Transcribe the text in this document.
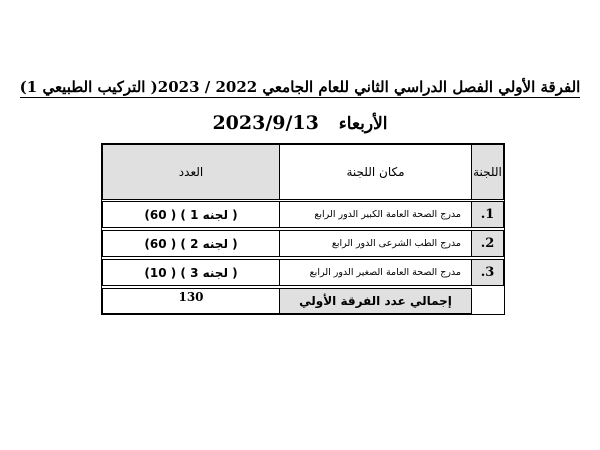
الفرقة الأولي الفصل الدراسي الثاني للعام الجامعي 2022 / 2023( التركيب الطبيعي 1)
الأربعاء 2023/9/13
اللجنة
مكان اللجنة
العدد
1.
مدرج الصحة العامة الكبير الدور الرابع
( لجنه 1 ) ( 60)
2.
مدرج الطب الشرعى الدور الرابع
( لجنه 2 ) ( 60)
3.
مدرج الصحة العامة الصغير الدور الرابع
( لجنه 3 ) ( 10)
إجمالي عدد الفرقة الأولي
130
